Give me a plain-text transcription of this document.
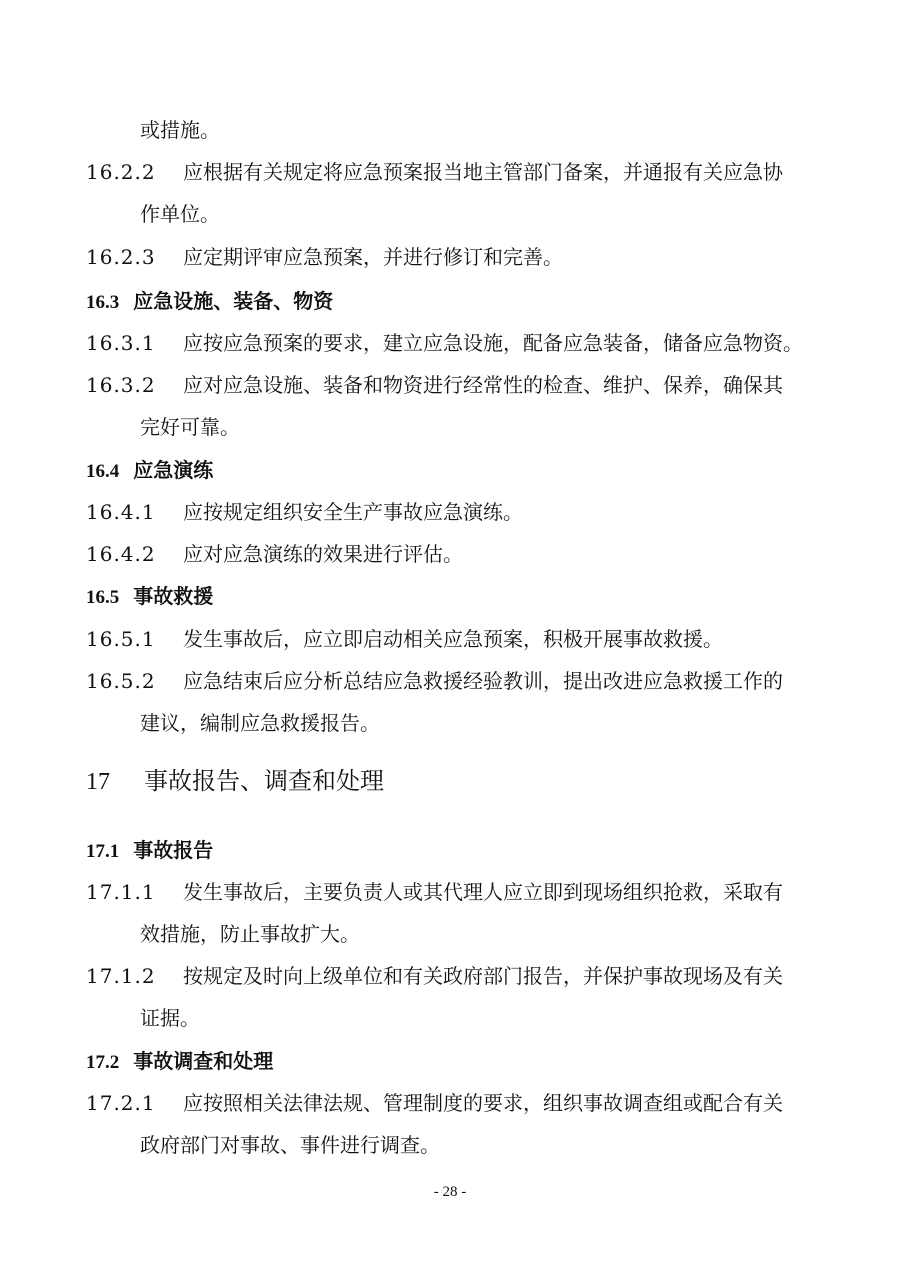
或措施。
16.2.2 应根据有关规定将应急预案报当地主管部门备案，并通报有关应急协
作单位。
16.2.3 应定期评审应急预案，并进行修订和完善。
16.3 应急设施、装备、物资
16.3.1 应按应急预案的要求，建立应急设施，配备应急装备，储备应急物资。
16.3.2 应对应急设施、装备和物资进行经常性的检查、维护、保养，确保其
完好可靠。
16.4 应急演练
16.4.1 应按规定组织安全生产事故应急演练。
16.4.2 应对应急演练的效果进行评估。
16.5 事故救援
16.5.1 发生事故后，应立即启动相关应急预案，积极开展事故救援。
16.5.2 应急结束后应分析总结应急救援经验教训，提出改进应急救援工作的
建议，编制应急救援报告。
17 事故报告、调查和处理
17.1 事故报告
17.1.1 发生事故后，主要负责人或其代理人应立即到现场组织抢救，采取有
效措施，防止事故扩大。
17.1.2 按规定及时向上级单位和有关政府部门报告，并保护事故现场及有关
证据。
17.2 事故调查和处理
17.2.1 应按照相关法律法规、管理制度的要求，组织事故调查组或配合有关
政府部门对事故、事件进行调查。
- 28 -
